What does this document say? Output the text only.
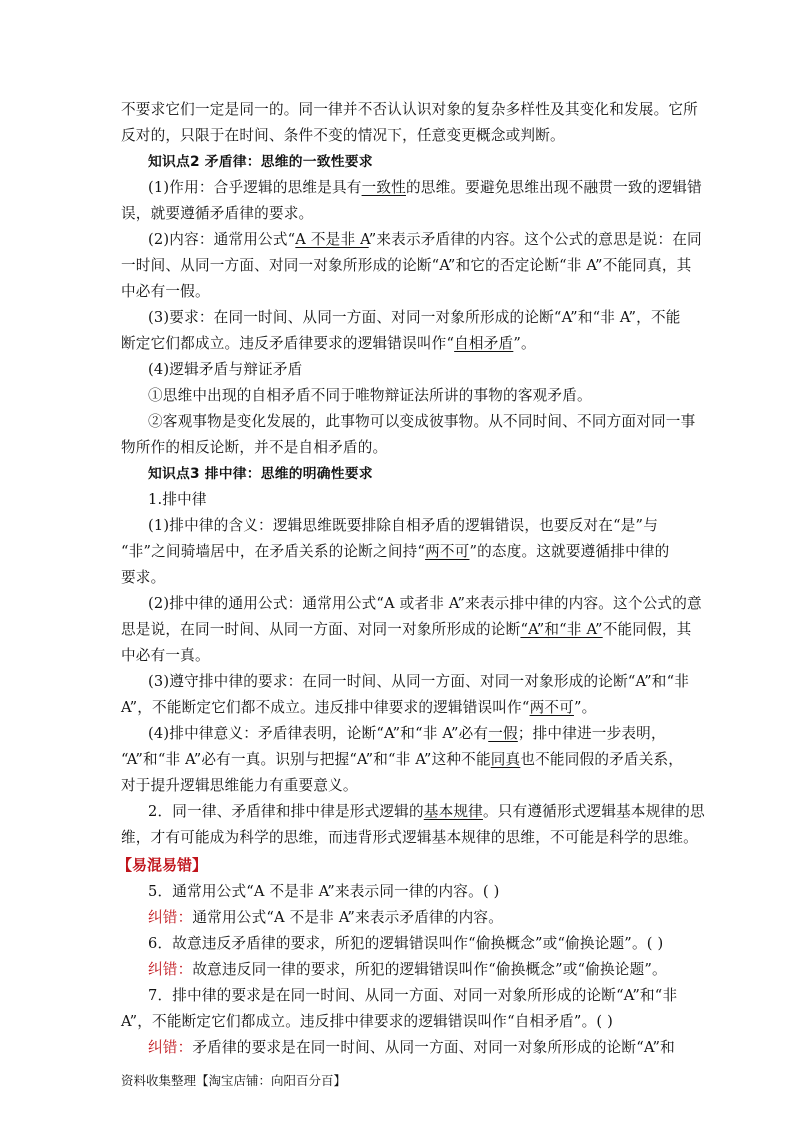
不要求它们一定是同一的。同一律并不否认认识对象的复杂多样性及其变化和发展。它所
反对的，只限于在时间、条件不变的情况下，任意变更概念或判断。
知识点2 矛盾律：思维的一致性要求
(1)作用：合乎逻辑的思维是具有一致性的思维。要避免思维出现不融贯一致的逻辑错
误，就要遵循矛盾律的要求。
(2)内容：通常用公式“A 不是非 A”来表示矛盾律的内容。这个公式的意思是说：在同
一时间、从同一方面、对同一对象所形成的论断“A”和它的否定论断“非 A”不能同真，其
中必有一假。
(3)要求：在同一时间、从同一方面、对同一对象所形成的论断“A”和“非 A”，不能
断定它们都成立。违反矛盾律要求的逻辑错误叫作“自相矛盾”。
(4)逻辑矛盾与辩证矛盾
①思维中出现的自相矛盾不同于唯物辩证法所讲的事物的客观矛盾。
②客观事物是变化发展的，此事物可以变成彼事物。从不同时间、不同方面对同一事
物所作的相反论断，并不是自相矛盾的。
知识点3 排中律：思维的明确性要求
1.排中律
(1)排中律的含义：逻辑思维既要排除自相矛盾的逻辑错误，也要反对在“是”与
“非”之间骑墙居中，在矛盾关系的论断之间持“两不可”的态度。这就要遵循排中律的
要求。
(2)排中律的通用公式：通常用公式“A 或者非 A”来表示排中律的内容。这个公式的意
思是说，在同一时间、从同一方面、对同一对象所形成的论断“A”和“非 A”不能同假，其
中必有一真。
(3)遵守排中律的要求：在同一时间、从同一方面、对同一对象形成的论断“A”和“非
A”，不能断定它们都不成立。违反排中律要求的逻辑错误叫作“两不可”。
(4)排中律意义：矛盾律表明，论断“A”和“非 A”必有一假；排中律进一步表明，
“A”和“非 A”必有一真。识别与把握“A”和“非 A”这种不能同真也不能同假的矛盾关系，
对于提升逻辑思维能力有重要意义。
2．同一律、矛盾律和排中律是形式逻辑的基本规律。只有遵循形式逻辑基本规律的思
维，才有可能成为科学的思维，而违背形式逻辑基本规律的思维，不可能是科学的思维。
【易混易错】
5．通常用公式“A 不是非 A”来表示同一律的内容。( )
纠错：通常用公式“A 不是非 A”来表示矛盾律的内容。
6．故意违反矛盾律的要求，所犯的逻辑错误叫作“偷换概念”或“偷换论题”。( )
纠错：故意违反同一律的要求，所犯的逻辑错误叫作“偷换概念”或“偷换论题”。
7．排中律的要求是在同一时间、从同一方面、对同一对象所形成的论断“A”和“非
A”，不能断定它们都成立。违反排中律要求的逻辑错误叫作“自相矛盾”。( )
纠错：矛盾律的要求是在同一时间、从同一方面、对同一对象所形成的论断“A”和
资料收集整理【淘宝店铺：向阳百分百】
